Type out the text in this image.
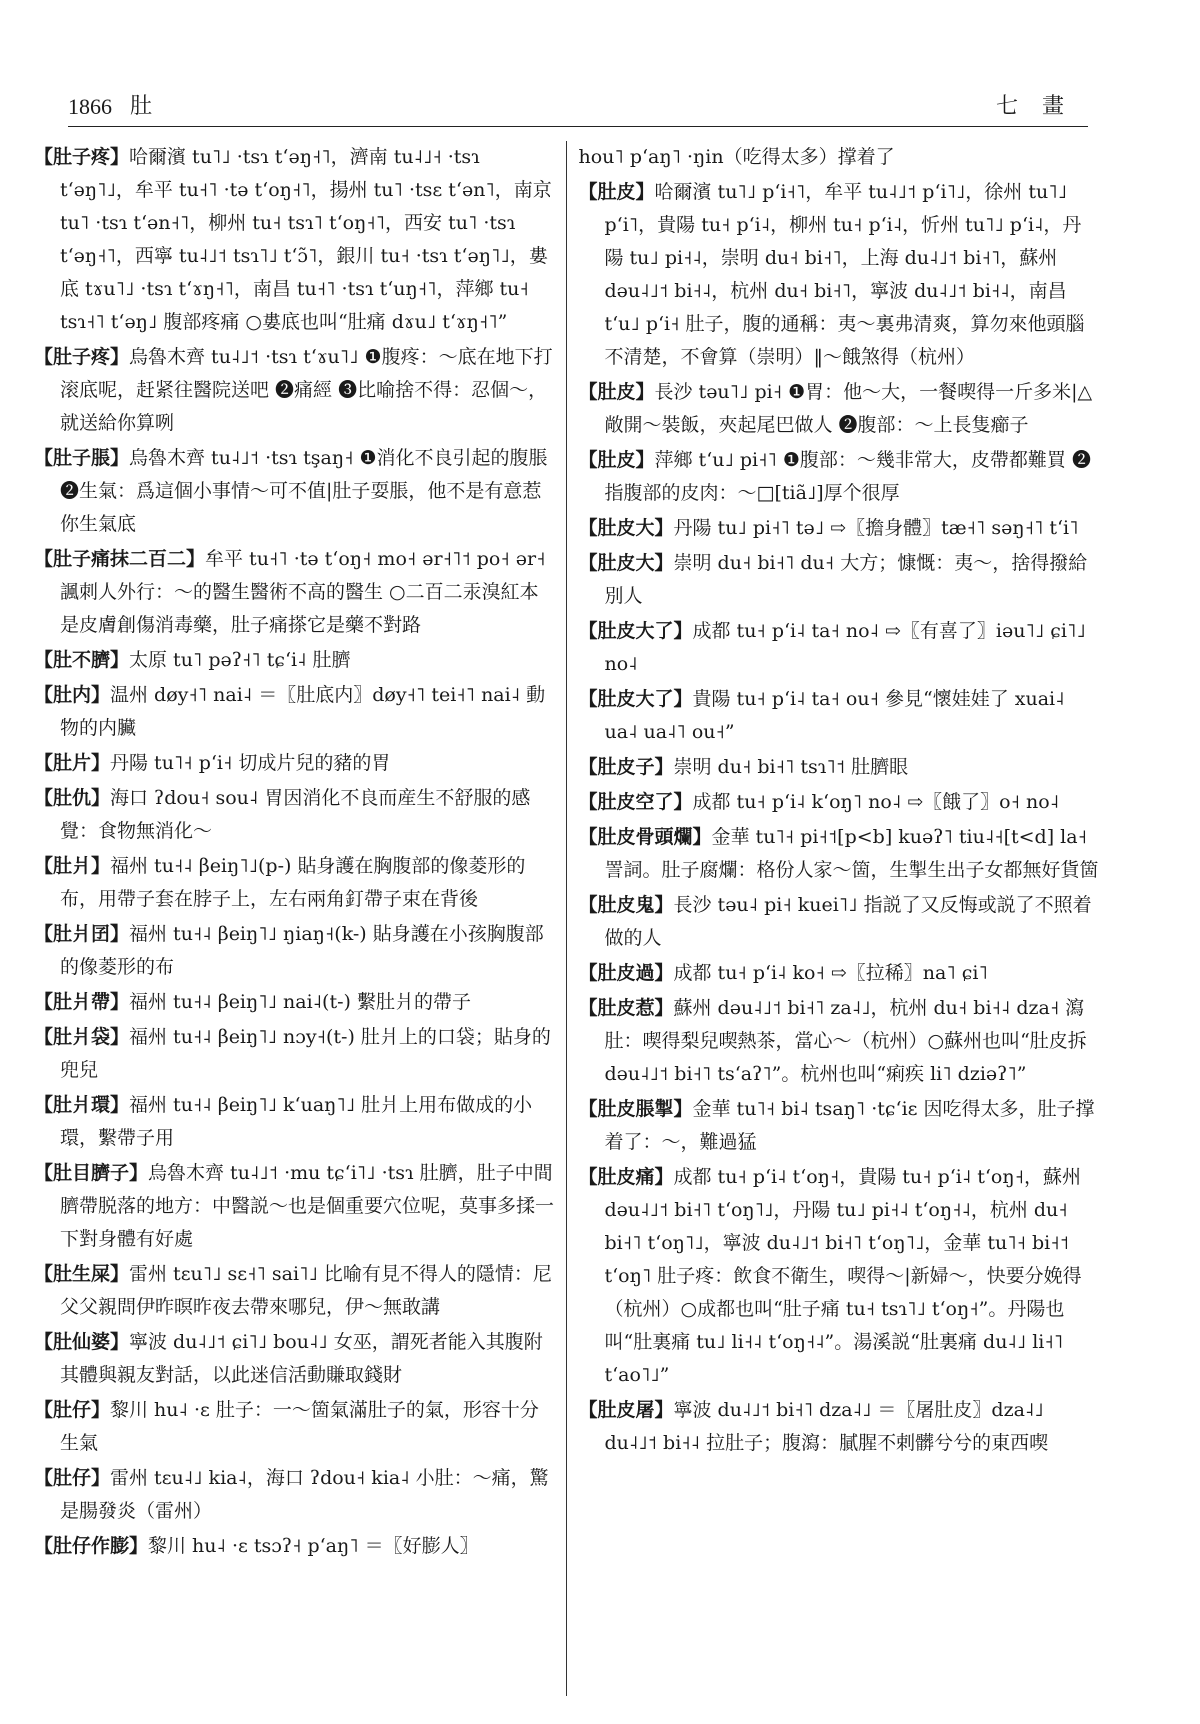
1866 肚	七畫

【肚子疼】哈爾濱 tu˥˩ ·tsɿ tʻəŋ˧˥，濟南 tu˨˩˧ ·tsɿ tʻəŋ˥˩，牟平 tu˧˥ ·tə tʻoŋ˧˥，揚州 tu˥ ·tsɛ tʻən˥，南京 tu˥ ·tsɿ tʻən˧˥，柳州 tu˧ tsɿ˥ tʻoŋ˧˥，西安 tu˥ ·tsɿ tʻəŋ˧˥，西寧 tu˨˩˦ tsɿ˥˩ tʻɔ̃˥，銀川 tu˧ ·tsɿ tʻəŋ˥˩，婁底 tɤu˥˩ ·tsɿ tʻɤŋ˧˥，南昌 tu˧˥ ·tsɿ tʻuŋ˧˥，萍鄉 tu˧ tsɿ˧˥ tʻəŋ˩ 腹部疼痛 ○婁底也叫“肚痛 dɤu˩ tʻɤŋ˧˥”

【肚子疼】烏魯木齊 tu˨˩˦ ·tsɿ tʻɤu˥˩ ❶腹疼：～底在地下打滚底呢，赶紧往醫院送吧 ❷痛經 ❸比喻捨不得：忍個～，就送給你算咧

【肚子脹】烏魯木齊 tu˨˩˦ ·tsɿ tşaŋ˧ ❶消化不良引起的腹脹 ❷生氣：爲這個小事情～可不值|肚子耍脹，他不是有意惹你生氣底

【肚子痛抹二百二】牟平 tu˧˥ ·tə tʻoŋ˧ mo˧ ər˧˥˦ po˧ ər˧ 諷刺人外行：～的醫生醫術不高的醫生 ○二百二汞溴紅本是皮膚創傷消毒藥，肚子痛搽它是藥不對路

【肚不臍】太原 tu˥ pəʔ˧˥ tɕʻi˨ 肚臍

【肚内】温州 døy˧˥ nai˨ ＝〖肚底内〗døy˧˥ tei˧˥ nai˨ 動物的内臟

【肚片】丹陽 tu˥˧ pʻi˧ 切成片兒的豬的胃

【肚仇】海口 ʔdou˧ sou˨ 胃因消化不良而産生不舒服的感覺：食物無消化～

【肚爿】福州 tu˧˨ βeiŋ˥˩(p-) 貼身護在胸腹部的像菱形的布，用帶子套在脖子上，左右兩角釘帶子束在背後

【肚爿囝】福州 tu˧˨ βeiŋ˥˩ ŋiaŋ˧(k-) 貼身護在小孩胸腹部的像菱形的布

【肚爿帶】福州 tu˧˨ βeiŋ˥˩ nai˨(t-) 繫肚爿的帶子

【肚爿袋】福州 tu˧˨ βeiŋ˥˩ nɔy˧(t-) 肚爿上的口袋；貼身的兜兒

【肚爿環】福州 tu˧˨ βeiŋ˥˩ kʻuaŋ˥˩ 肚爿上用布做成的小環，繫帶子用

【肚目臍子】烏魯木齊 tu˨˩˦ ·mu tɕʻi˥˩ ·tsɿ 肚臍，肚子中間臍帶脱落的地方：中醫説～也是個重要穴位呢，莫事多揉一下對身體有好處

【肚生屎】雷州 tɛu˥˩ sɛ˧˥ sai˥˩ 比喻有見不得人的隱情：尼父父親問伊昨暝昨夜去帶來哪兒，伊～無敢講

【肚仙婆】寧波 du˨˩˦ ɕi˥˩ bou˨˩ 女巫，謂死者能入其腹附其體與親友對話，以此迷信活動賺取錢財

【肚仔】黎川 hu˨ ·ɛ 肚子：一～箇氣滿肚子的氣，形容十分生氣

【肚仔】雷州 tɛu˨˩ kia˨，海口 ʔdou˧ kia˨ 小肚：～痛，驚是腸發炎（雷州）

【肚仔作膨】黎川 hu˨ ·ɛ tsɔʔ˧ pʻaŋ˥ ＝〖好膨人〗

hou˥ pʻaŋ˥ ·ŋin（吃得太多）撑着了

【肚皮】哈爾濱 tu˥˩ pʻi˧˥，牟平 tu˨˩˦ pʻi˥˩，徐州 tu˥˩ pʻi˥，貴陽 tu˧ pʻi˨，柳州 tu˧ pʻi˨，忻州 tu˥˩ pʻi˨，丹陽 tu˩ pi˧˨，崇明 du˧ bi˧˥，上海 du˨˩˦ bi˧˥，蘇州 dəu˨˩˦ bi˧˨，杭州 du˧ bi˧˥，寧波 du˨˩˦ bi˧˨，南昌 tʻu˩ pʻi˧ 肚子，腹的通稱：夷～裏弗清爽，算勿來他頭腦不清楚，不會算（崇明）‖～餓煞得（杭州）

【肚皮】長沙 təu˥˩ pi˧ ❶胃：他～大，一餐喫得一斤多米|△敞開～裝飯，夾起尾巴做人 ❷腹部：～上長隻癤子

【肚皮】萍鄉 tʻu˩ pi˧˥ ❶腹部：～幾非常大，皮帶都難買 ❷指腹部的皮肉：～□[tiã˩]厚个很厚

【肚皮大】丹陽 tu˩ pi˧˥ tə˩ ⇨〖擔身體〗tæ˧˥ səŋ˧˥ tʻi˥

【肚皮大】崇明 du˧ bi˧˥ du˧ 大方；慷慨：夷～，捨得撥給別人

【肚皮大了】成都 tu˧ pʻi˨ ta˧ no˨ ⇨〖有喜了〗iəu˥˩ ɕi˥˩ no˨

【肚皮大了】貴陽 tu˧ pʻi˨ ta˧ ou˧ 參見“懷娃娃了 xuai˨ ua˨ ua˨˥ ou˧”

【肚皮子】崇明 du˧ bi˧˥ tsɿ˥˦ 肚臍眼

【肚皮空了】成都 tu˧ pʻi˨ kʻoŋ˥ no˨ ⇨〖餓了〗o˧ no˨

【肚皮骨頭爛】金華 tu˥˧ pi˧˦[p<b] kuəʔ˥ tiu˨˧[t<d] la˧ 詈詞。肚子腐爛：格份人家～箇，生掣生出子女都無好貨箇

【肚皮鬼】長沙 təu˨ pi˧ kuei˥˩ 指説了又反悔或説了不照着做的人

【肚皮過】成都 tu˧ pʻi˨ ko˧ ⇨〖拉稀〗na˥ ɕi˥

【肚皮惹】蘇州 dəu˨˩˦ bi˧˥ za˨˩，杭州 du˧ bi˧˨ dza˧ 瀉肚：喫得梨兒喫熱茶，當心～（杭州）○蘇州也叫“肚皮拆 dəu˨˩˦ bi˧˥ tsʻaʔ˥”。杭州也叫“痢疾 li˥ dziəʔ˥”

【肚皮脹掣】金華 tu˥˧ bi˨ tsaŋ˥ ·tɕʻiɛ 因吃得太多，肚子撑着了：～，難過猛

【肚皮痛】成都 tu˧ pʻi˨ tʻoŋ˧，貴陽 tu˧ pʻi˨ tʻoŋ˧，蘇州 dəu˨˩˦ bi˧˥ tʻoŋ˥˩，丹陽 tu˩ pi˧˨ tʻoŋ˧˨，杭州 du˧ bi˧˥ tʻoŋ˥˩，寧波 du˨˩˦ bi˧˥ tʻoŋ˥˩，金華 tu˥˧ bi˧˦ tʻoŋ˥ 肚子疼：飲食不衛生，喫得～|新婦～，快要分娩得（杭州）○成都也叫“肚子痛 tu˧ tsɿ˥˩ tʻoŋ˧”。丹陽也叫“肚裏痛 tu˩ li˧˨ tʻoŋ˧˨”。湯溪説“肚裏痛 du˨˩ li˧˥ tʻao˥˩”

【肚皮屠】寧波 du˨˩˦ bi˧˥ dza˨˩ ＝〖屠肚皮〗dza˨˩ du˨˩˦ bi˧˨ 拉肚子；腹瀉：膩腥不剌髒兮兮的東西喫
